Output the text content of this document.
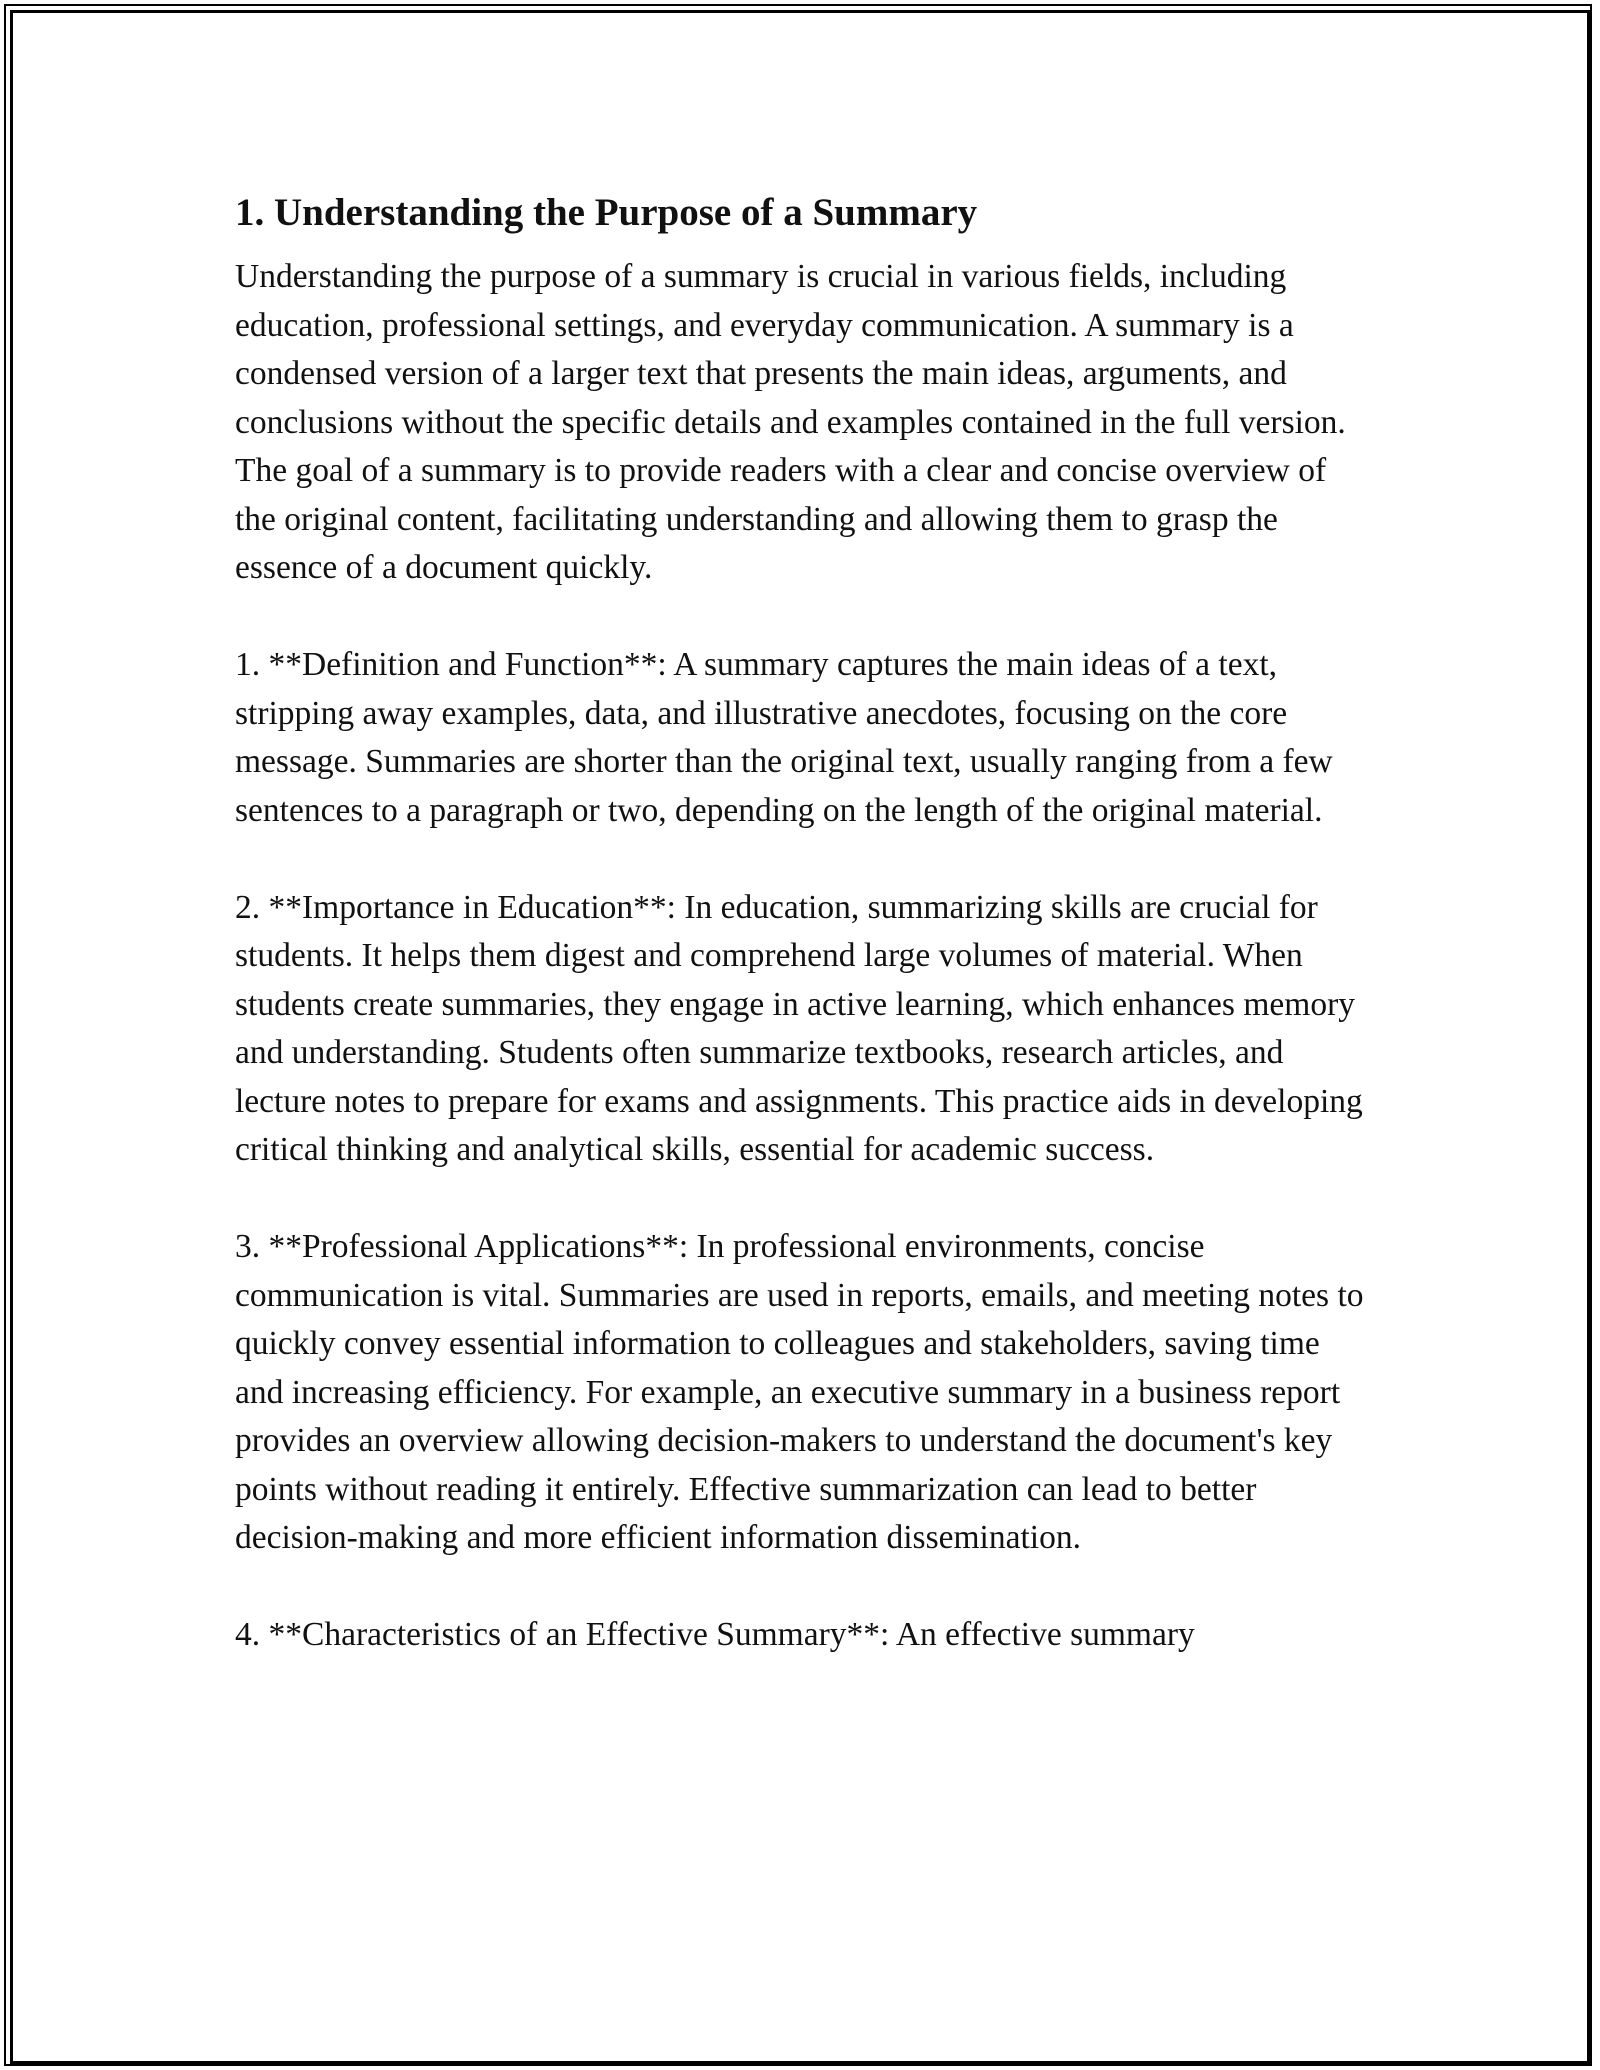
1. Understanding the Purpose of a Summary

Understanding the purpose of a summary is crucial in various fields, including education, professional settings, and everyday communication. A summary is a condensed version of a larger text that presents the main ideas, arguments, and conclusions without the specific details and examples contained in the full version. The goal of a summary is to provide readers with a clear and concise overview of the original content, facilitating understanding and allowing them to grasp the essence of a document quickly.

1. **Definition and Function**: A summary captures the main ideas of a text, stripping away examples, data, and illustrative anecdotes, focusing on the core message. Summaries are shorter than the original text, usually ranging from a few sentences to a paragraph or two, depending on the length of the original material.

2. **Importance in Education**: In education, summarizing skills are crucial for students. It helps them digest and comprehend large volumes of material. When students create summaries, they engage in active learning, which enhances memory and understanding. Students often summarize textbooks, research articles, and lecture notes to prepare for exams and assignments. This practice aids in developing critical thinking and analytical skills, essential for academic success.

3. **Professional Applications**: In professional environments, concise communication is vital. Summaries are used in reports, emails, and meeting notes to quickly convey essential information to colleagues and stakeholders, saving time and increasing efficiency. For example, an executive summary in a business report provides an overview allowing decision-makers to understand the document's key points without reading it entirely. Effective summarization can lead to better decision-making and more efficient information dissemination.

4. **Characteristics of an Effective Summary**: An effective summary
